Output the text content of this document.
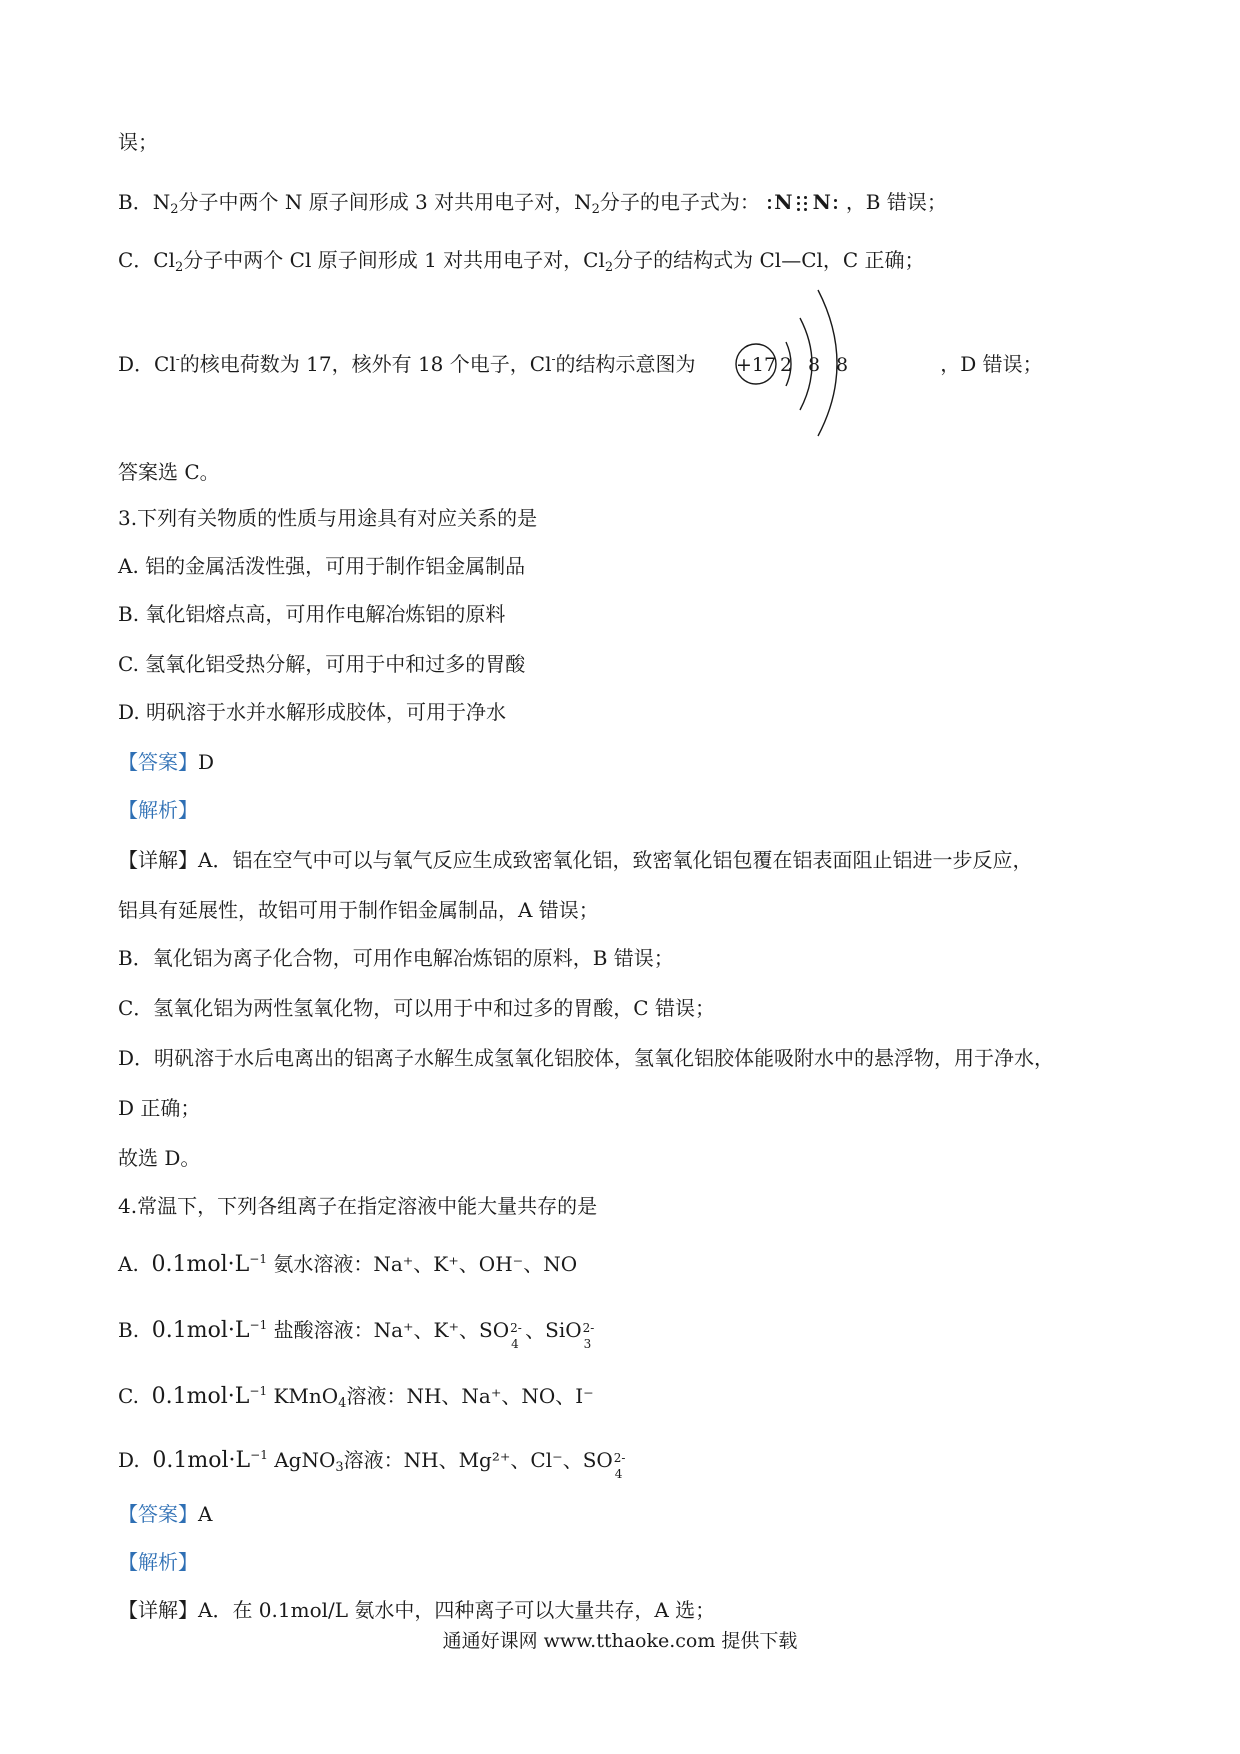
误；
B．$N_2$分子中两个 N 原子间形成 3 对共用电子对，$N_2$分子的电子式为： N N ，B 错误；
C．$Cl_2$分子中两个 Cl 原子间形成 1 对共用电子对，$Cl_2$分子的结构式为 Cl—Cl，C 正确；
D．Cl-的核电荷数为 17，核外有 18 个电子，Cl-的结构示意图为	，D 错误；
+17 2 8 8
答案选 C。
3.下列有关物质的性质与用途具有对应关系的是
A. 铝的金属活泼性强，可用于制作铝金属制品
B. 氧化铝熔点高，可用作电解冶炼铝的原料
C. 氢氧化铝受热分解，可用于中和过多的胃酸
D. 明矾溶于水并水解形成胶体，可用于净水
【答案】D
【解析】
【详解】A．铝在空气中可以与氧气反应生成致密氧化铝，致密氧化铝包覆在铝表面阻止铝进一步反应，
铝具有延展性，故铝可用于制作铝金属制品，A 错误；
B．氧化铝为离子化合物，可用作电解冶炼铝的原料，B 错误；
C．氢氧化铝为两性氢氧化物，可以用于中和过多的胃酸，C 错误；
D．明矾溶于水后电离出的铝离子水解生成氢氧化铝胶体，氢氧化铝胶体能吸附水中的悬浮物，用于净水，
D 正确；
故选 D。
4.常温下，下列各组离子在指定溶液中能大量共存的是
A. $0.1mol\cdot L^{-1}$ 氨水溶液：Na⁺、K⁺、OH⁻、NO
B. $0.1mol\cdot L^{-1}$ 盐酸溶液：Na⁺、K⁺、SO 2-
4
、SiO 2-
3
C. $0.1mol\cdot L^{-1}$ KMnO$_4$溶液：NH、Na⁺、NO、I⁻
D. $0.1mol\cdot L^{-1}$ AgNO$_3$溶液：NH、Mg²⁺、Cl⁻、SO 2-
4
【答案】A
【解析】
【详解】A．在 0.1mol/L 氨水中，四种离子可以大量共存，A 选；
通通好课网 www.tthaoke.com 提供下载
